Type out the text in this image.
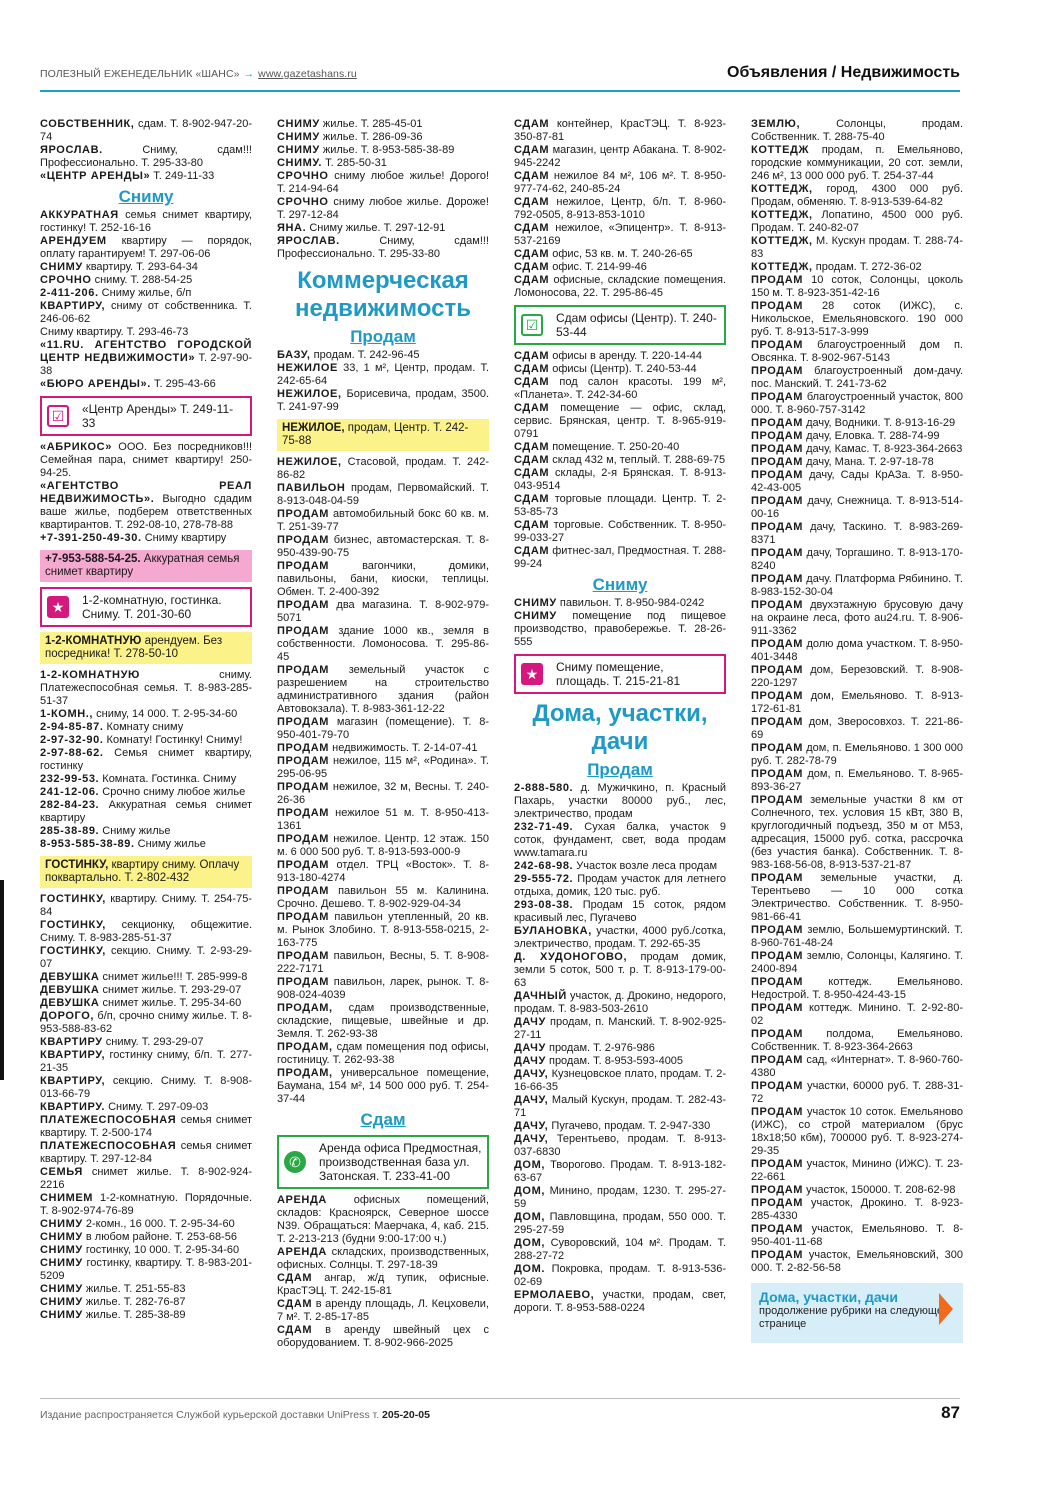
ПОЛЕЗНЫЙ ЕЖЕНЕДЕЛЬНИК «ШАНС» → www.gazetashans.ru	Объявления / Недвижимость
СОБСТВЕННИК, сдам. Т. 8-902-947-20-74
ЯРОСЛАВ.	Сниму, сдам!!! Профессионально. Т. 295-33-80
«ЦЕНТР АРЕНДЫ» Т. 249-11-33
Сниму
АККУРАТНАЯ семья снимет квартиру, гостинку! Т. 252-16-16
АРЕНДУЕМ квартиру — порядок, оплату гарантируем! Т. 297-06-06
СНИМУ квартиру. Т. 293-64-34
СРОЧНО сниму. Т. 288-54-25
2-411-206. Сниму жилье, б/п
КВАРТИРУ, сниму от собственника. Т. 246-06-62
Сниму квартиру. Т. 293-46-73
«11.RU. АГЕНТСТВО ГОРОДСКОЙ ЦЕНТР НЕДВИЖИМОСТИ» Т. 2-97-90-38
«БЮРО АРЕНДЫ». Т. 295-43-66
☑	«Центр Аренды» Т. 249-11-33
«АБРИКОС» ООО. Без посредников!!! Семейная пара, снимет квартиру! 250-94-25.
«АГЕНТСТВО РЕАЛ НЕДВИЖИМОСТЬ». Выгодно сдадим ваше жилье, подберем ответственных квартирантов. Т. 292-08-10, 278-78-88
+7-391-250-49-30. Сниму квартиру
+7-953-588-54-25. Аккуратная семья снимет квартиру
★	1-2-комнатную, гостинка. Сниму. Т. 201-30-60
1-2-КОМНАТНУЮ арендуем. Без посредника! Т. 278-50-10
1-2-КОМНАТНУЮ	сниму. Платежеспособная семья. Т. 8-983-285-51-37
1-КОМН., сниму, 14 000. Т. 2-95-34-60
2-94-85-87. Комнату сниму
2-97-32-90. Комнату! Гостинку! Сниму!
2-97-88-62. Семья снимет квартиру, гостинку
232-99-53. Комната. Гостинка. Сниму
241-12-06. Срочно сниму любое жилье
282-84-23. Аккуратная семья снимет квартиру
285-38-89. Сниму жилье
8-953-585-38-89. Сниму жилье
ГОСТИНКУ, квартиру сниму. Оплачу поквартально. Т. 2-802-432
ГОСТИНКУ, квартиру. Сниму. Т. 254-75-84
ГОСТИНКУ, секционку, общежитие. Сниму. Т. 8-983-285-51-37
ГОСТИНКУ, секцию. Сниму. Т. 2-93-29-07
ДЕВУШКА снимет жилье!!! Т. 285-999-8
ДЕВУШКА снимет жилье. Т. 293-29-07
ДЕВУШКА снимет жилье. Т. 295-34-60
ДОРОГО, б/п, срочно сниму жилье. Т. 8-953-588-83-62
КВАРТИРУ сниму. Т. 293-29-07
КВАРТИРУ, гостинку сниму, б/п. Т. 277-21-35
КВАРТИРУ, секцию. Сниму. Т. 8-908-013-66-79
КВАРТИРУ. Сниму. Т. 297-09-03
ПЛАТЕЖЕСПОСОБНАЯ семья снимет квартиру. Т. 2-500-174
ПЛАТЕЖЕСПОСОБНАЯ семья снимет квартиру. Т. 297-12-84
СЕМЬЯ снимет жилье. Т. 8-902-924-2216
СНИМЕМ 1-2-комнатную. Порядочные. Т. 8-902-974-76-89
СНИМУ 2-комн., 16 000. Т. 2-95-34-60
СНИМУ в любом районе. Т. 253-68-56
СНИМУ гостинку, 10 000. Т. 2-95-34-60
СНИМУ гостинку, квартиру. Т. 8-983-201-5209
СНИМУ жилье. Т. 251-55-83
СНИМУ жилье. Т. 282-76-87
СНИМУ жилье. Т. 285-38-89
СНИМУ жилье. Т. 285-45-01
СНИМУ жилье. Т. 286-09-36
СНИМУ жилье. Т. 8-953-585-38-89
СНИМУ. Т. 285-50-31
СРОЧНО сниму любое жилье! Дорого! Т. 214-94-64
СРОЧНО сниму любое жилье. Дороже! Т. 297-12-84
ЯНА. Сниму жилье. Т. 297-12-91
ЯРОСЛАВ.	Сниму, сдам!!! Профессионально. Т. 295-33-80
Коммерческая недвижимость
Продам
БАЗУ, продам. Т. 242-96-45
НЕЖИЛОЕ 33, 1 м², Центр, продам. Т. 242-65-64
НЕЖИЛОЕ, Борисевича, продам, 3500. Т. 241-97-99
НЕЖИЛОЕ, продам, Центр. Т. 242-75-88
НЕЖИЛОЕ, Стасовой, продам. Т. 242-86-82
ПАВИЛЬОН продам, Первомайский. Т. 8-913-048-04-59
ПРОДАМ автомобильный бокс 60 кв. м. Т. 251-39-77
ПРОДАМ бизнес, автомастерская. Т. 8-950-439-90-75
ПРОДАМ	вагончики, домики, павильоны, бани, киоски, теплицы. Обмен. Т. 2-400-392
ПРОДАМ два магазина. Т. 8-902-979-5071
ПРОДАМ здание 1000 кв., земля в собственности. Ломоносова. Т. 295-86-45
ПРОДАМ земельный участок с разрешением на строительство административного здания (район Автовокзала). Т. 8-983-361-12-22
ПРОДАМ магазин (помещение). Т. 8-950-401-79-70
ПРОДАМ недвижимость. Т. 2-14-07-41
ПРОДАМ нежилое, 115 м², «Родина». Т. 295-06-95
ПРОДАМ нежилое, 32 м, Весны. Т. 240-26-36
ПРОДАМ нежилое 51 м. Т. 8-950-413-1361
ПРОДАМ нежилое. Центр. 12 этаж. 150 м. 6 000 500 руб. Т. 8-913-593-000-9
ПРОДАМ отдел. ТРЦ «Восток». Т. 8-913-180-4274
ПРОДАМ павильон 55 м. Калинина. Срочно. Дешево. Т. 8-902-929-04-34
ПРОДАМ павильон утепленный, 20 кв. м. Рынок Злобино. Т. 8-913-558-0215, 2-163-775
ПРОДАМ павильон, Весны, 5. Т. 8-908-222-7171
ПРОДАМ павильон, ларек, рынок. Т. 8-908-024-4039
ПРОДАМ, сдам производственные, складские, пищевые, швейные и др. Земля. Т. 262-93-38
ПРОДАМ, сдам помещения под офисы, гостиницу. Т. 262-93-38
ПРОДАМ, универсальное помещение, Баумана, 154 м², 14 500 000 руб. Т. 254-37-44
Сдам
✆
Аренда офиса Предмостная, производственная база ул. Затонская. Т. 233-41-00
АРЕНДА офисных помещений, складов: Красноярск, Северное шоссе N39. Обращаться: Маерчака, 4, каб. 215. Т. 2-213-213 (будни 9:00-17:00 ч.)
АРЕНДА складских, производственных, офисных. Солнцы. Т. 297-18-39
СДАМ ангар, ж/д тупик, офисные. КрасТЭЦ. Т. 242-15-81
СДАМ в аренду площадь, Л. Кецховели, 7 м². Т. 2-85-17-85
СДАМ в аренду швейный цех с оборудованием. Т. 8-902-966-2025
СДАМ контейнер, КрасТЭЦ. Т. 8-923-350-87-81
СДАМ магазин, центр Абакана. Т. 8-902-945-2242
СДАМ нежилое 84 м², 106 м². Т. 8-950-977-74-62, 240-85-24
СДАМ нежилое, Центр, б/п. Т. 8-960-792-0505, 8-913-853-1010
СДАМ нежилое, «Эпицентр». Т. 8-913-537-2169
СДАМ офис, 53 кв. м. Т. 240-26-65
СДАМ офис. Т. 214-99-46
СДАМ офисные, складские помещения. Ломоносова, 22. Т. 295-86-45
☑	Сдам офисы (Центр). Т. 240-53-44
СДАМ офисы в аренду. Т. 220-14-44
СДАМ офисы (Центр). Т. 240-53-44
СДАМ под салон красоты. 199 м², «Планета». Т. 242-34-60
СДАМ помещение — офис, склад, сервис. Брянская, центр. Т. 8-965-919-0791
СДАМ помещение. Т. 250-20-40
СДАМ склад 432 м, теплый. Т. 288-69-75
СДАМ склады, 2-я Брянская. Т. 8-913-043-9514
СДАМ торговые площади. Центр. Т. 2-53-85-73
СДАМ торговые. Собственник. Т. 8-950-99-033-27
СДАМ фитнес-зал, Предмостная. Т. 288-99-24
Сниму
СНИМУ павильон. Т. 8-950-984-0242
СНИМУ помещение под пищевое производство, правобережье. Т. 28-26-555
★	Сниму помещение, площадь. Т. 215-21-81
Дома, участки, дачи
Продам
2-888-580. д. Мужичкино, п. Красный Пахарь, участки 80000 руб., лес, электричество, продам
232-71-49. Сухая балка, участок 9 соток, фундамент, свет, вода продам www.tamara.ru
242-68-98. Участок возле леса продам
29-555-72. Продам участок для летнего отдыха, домик, 120 тыс. руб.
293-08-38. Продам 15 соток, рядом красивый лес, Пугачево
БУЛАНОВКА, участки, 4000 руб./сотка, электричество, продам. Т. 292-65-35
Д. ХУДОНОГОВО, продам домик, земли 5 соток, 500 т. р. Т. 8-913-179-00-63
ДАЧНЫЙ участок, д. Дрокино, недорого, продам. Т. 8-983-503-2610
ДАЧУ продам, п. Манский. Т. 8-902-925-27-11
ДАЧУ продам. Т. 2-976-986
ДАЧУ продам. Т. 8-953-593-4005
ДАЧУ, Кузнецовское плато, продам. Т. 2-16-66-35
ДАЧУ, Малый Кускун, продам. Т. 282-43-71
ДАЧУ, Пугачево, продам. Т. 2-947-330
ДАЧУ, Терентьево, продам. Т. 8-913-037-6830
ДОМ, Творогово. Продам. Т. 8-913-182-63-67
ДОМ, Минино, продам, 1230. Т. 295-27-59
ДОМ, Павловщина, продам, 550 000. Т. 295-27-59
ДОМ, Суворовский, 104 м². Продам. Т. 288-27-72
ДОМ. Покровка, продам. Т. 8-913-536-02-69
ЕРМОЛАЕВО, участки, продам, свет, дороги. Т. 8-953-588-0224
ЗЕМЛЮ,	Солонцы, продам. Собственник. Т. 288-75-40
КОТТЕДЖ продам, п. Емельяново, городские коммуникации, 20 сот. земли, 246 м², 13 000 000 руб. Т. 254-37-44
КОТТЕДЖ, город, 4300 000 руб. Продам, обменяю. Т. 8-913-539-64-82
КОТТЕДЖ, Лопатино, 4500 000 руб. Продам. Т. 240-82-07
КОТТЕДЖ, М. Кускун продам. Т. 288-74-83
КОТТЕДЖ, продам. Т. 272-36-02
ПРОДАМ 10 соток, Солонцы, цоколь 150 м. Т. 8-923-351-42-16
ПРОДАМ 28 соток (ИЖС), с. Никольское, Емельяновского. 190 000 руб. Т. 8-913-517-3-999
ПРОДАМ благоустроенный дом п. Овсянка. Т. 8-902-967-5143
ПРОДАМ благоустроенный дом-дачу. пос. Манский. Т. 241-73-62
ПРОДАМ благоустроенный участок, 800 000. Т. 8-960-757-3142
ПРОДАМ дачу, Водники. Т. 8-913-16-29
ПРОДАМ дачу, Еловка. Т. 288-74-99
ПРОДАМ дачу, Камас. Т. 8-923-364-2663
ПРОДАМ дачу, Мана. Т. 2-97-18-78
ПРОДАМ дачу, Сады КрАЗа. Т. 8-950-42-43-005
ПРОДАМ дачу, Снежница. Т. 8-913-514-00-16
ПРОДАМ дачу, Таскино. Т. 8-983-269-8371
ПРОДАМ дачу, Торгашино. Т. 8-913-170-8240
ПРОДАМ дачу. Платформа Рябинино. Т. 8-983-152-30-04
ПРОДАМ двухэтажную брусовую дачу на окраине леса, фото au24.ru. Т. 8-906-911-3362
ПРОДАМ долю дома участком. Т. 8-950-401-3448
ПРОДАМ дом, Березовский. Т. 8-908-220-1297
ПРОДАМ дом, Емельяново. Т. 8-913-172-61-81
ПРОДАМ дом, Зверосовхоз. Т. 221-86-69
ПРОДАМ дом, п. Емельяново. 1 300 000 руб. Т. 282-78-79
ПРОДАМ дом, п. Емельяново. Т. 8-965-893-36-27
ПРОДАМ земельные участки 8 км от Солнечного, тех. условия 15 кВт, 380 В, круглогодичный подъезд, 350 м от М53, адресация, 15000 руб. сотка, рассрочка (без участия банка). Собственник. Т. 8-983-168-56-08, 8-913-537-21-87
ПРОДАМ земельные участки, д. Терентьево — 10 000 сотка Электричество. Собственник. Т. 8-950-981-66-41
ПРОДАМ землю, Большемуртинский. Т. 8-960-761-48-24
ПРОДАМ землю, Солонцы, Калягино. Т. 2400-894
ПРОДАМ коттедж. Емельяново. Недострой. Т. 8-950-424-43-15
ПРОДАМ коттедж. Минино. Т. 2-92-80-02
ПРОДАМ полдома, Емельяново. Собственник. Т. 8-923-364-2663
ПРОДАМ сад, «Интернат». Т. 8-960-760-4380
ПРОДАМ участки, 60000 руб. Т. 288-31-72
ПРОДАМ участок 10 соток. Емельяново (ИЖС), со строй материалом (брус 18х18;50 кбм), 700000 руб. Т. 8-923-274-29-35
ПРОДАМ участок, Минино (ИЖС). Т. 23-22-661
ПРОДАМ участок, 150000. Т. 208-62-98
ПРОДАМ участок, Дрокино. Т. 8-923-285-4330
ПРОДАМ участок, Емельяново. Т. 8-950-401-11-68
ПРОДАМ участок, Емельяновский, 300 000. Т. 2-82-56-58
Дома, участки, дачи
продолжение рубрики на следующей странице
Издание распространяется Службой курьерской доставки UniPress т. 205-20-05	87
